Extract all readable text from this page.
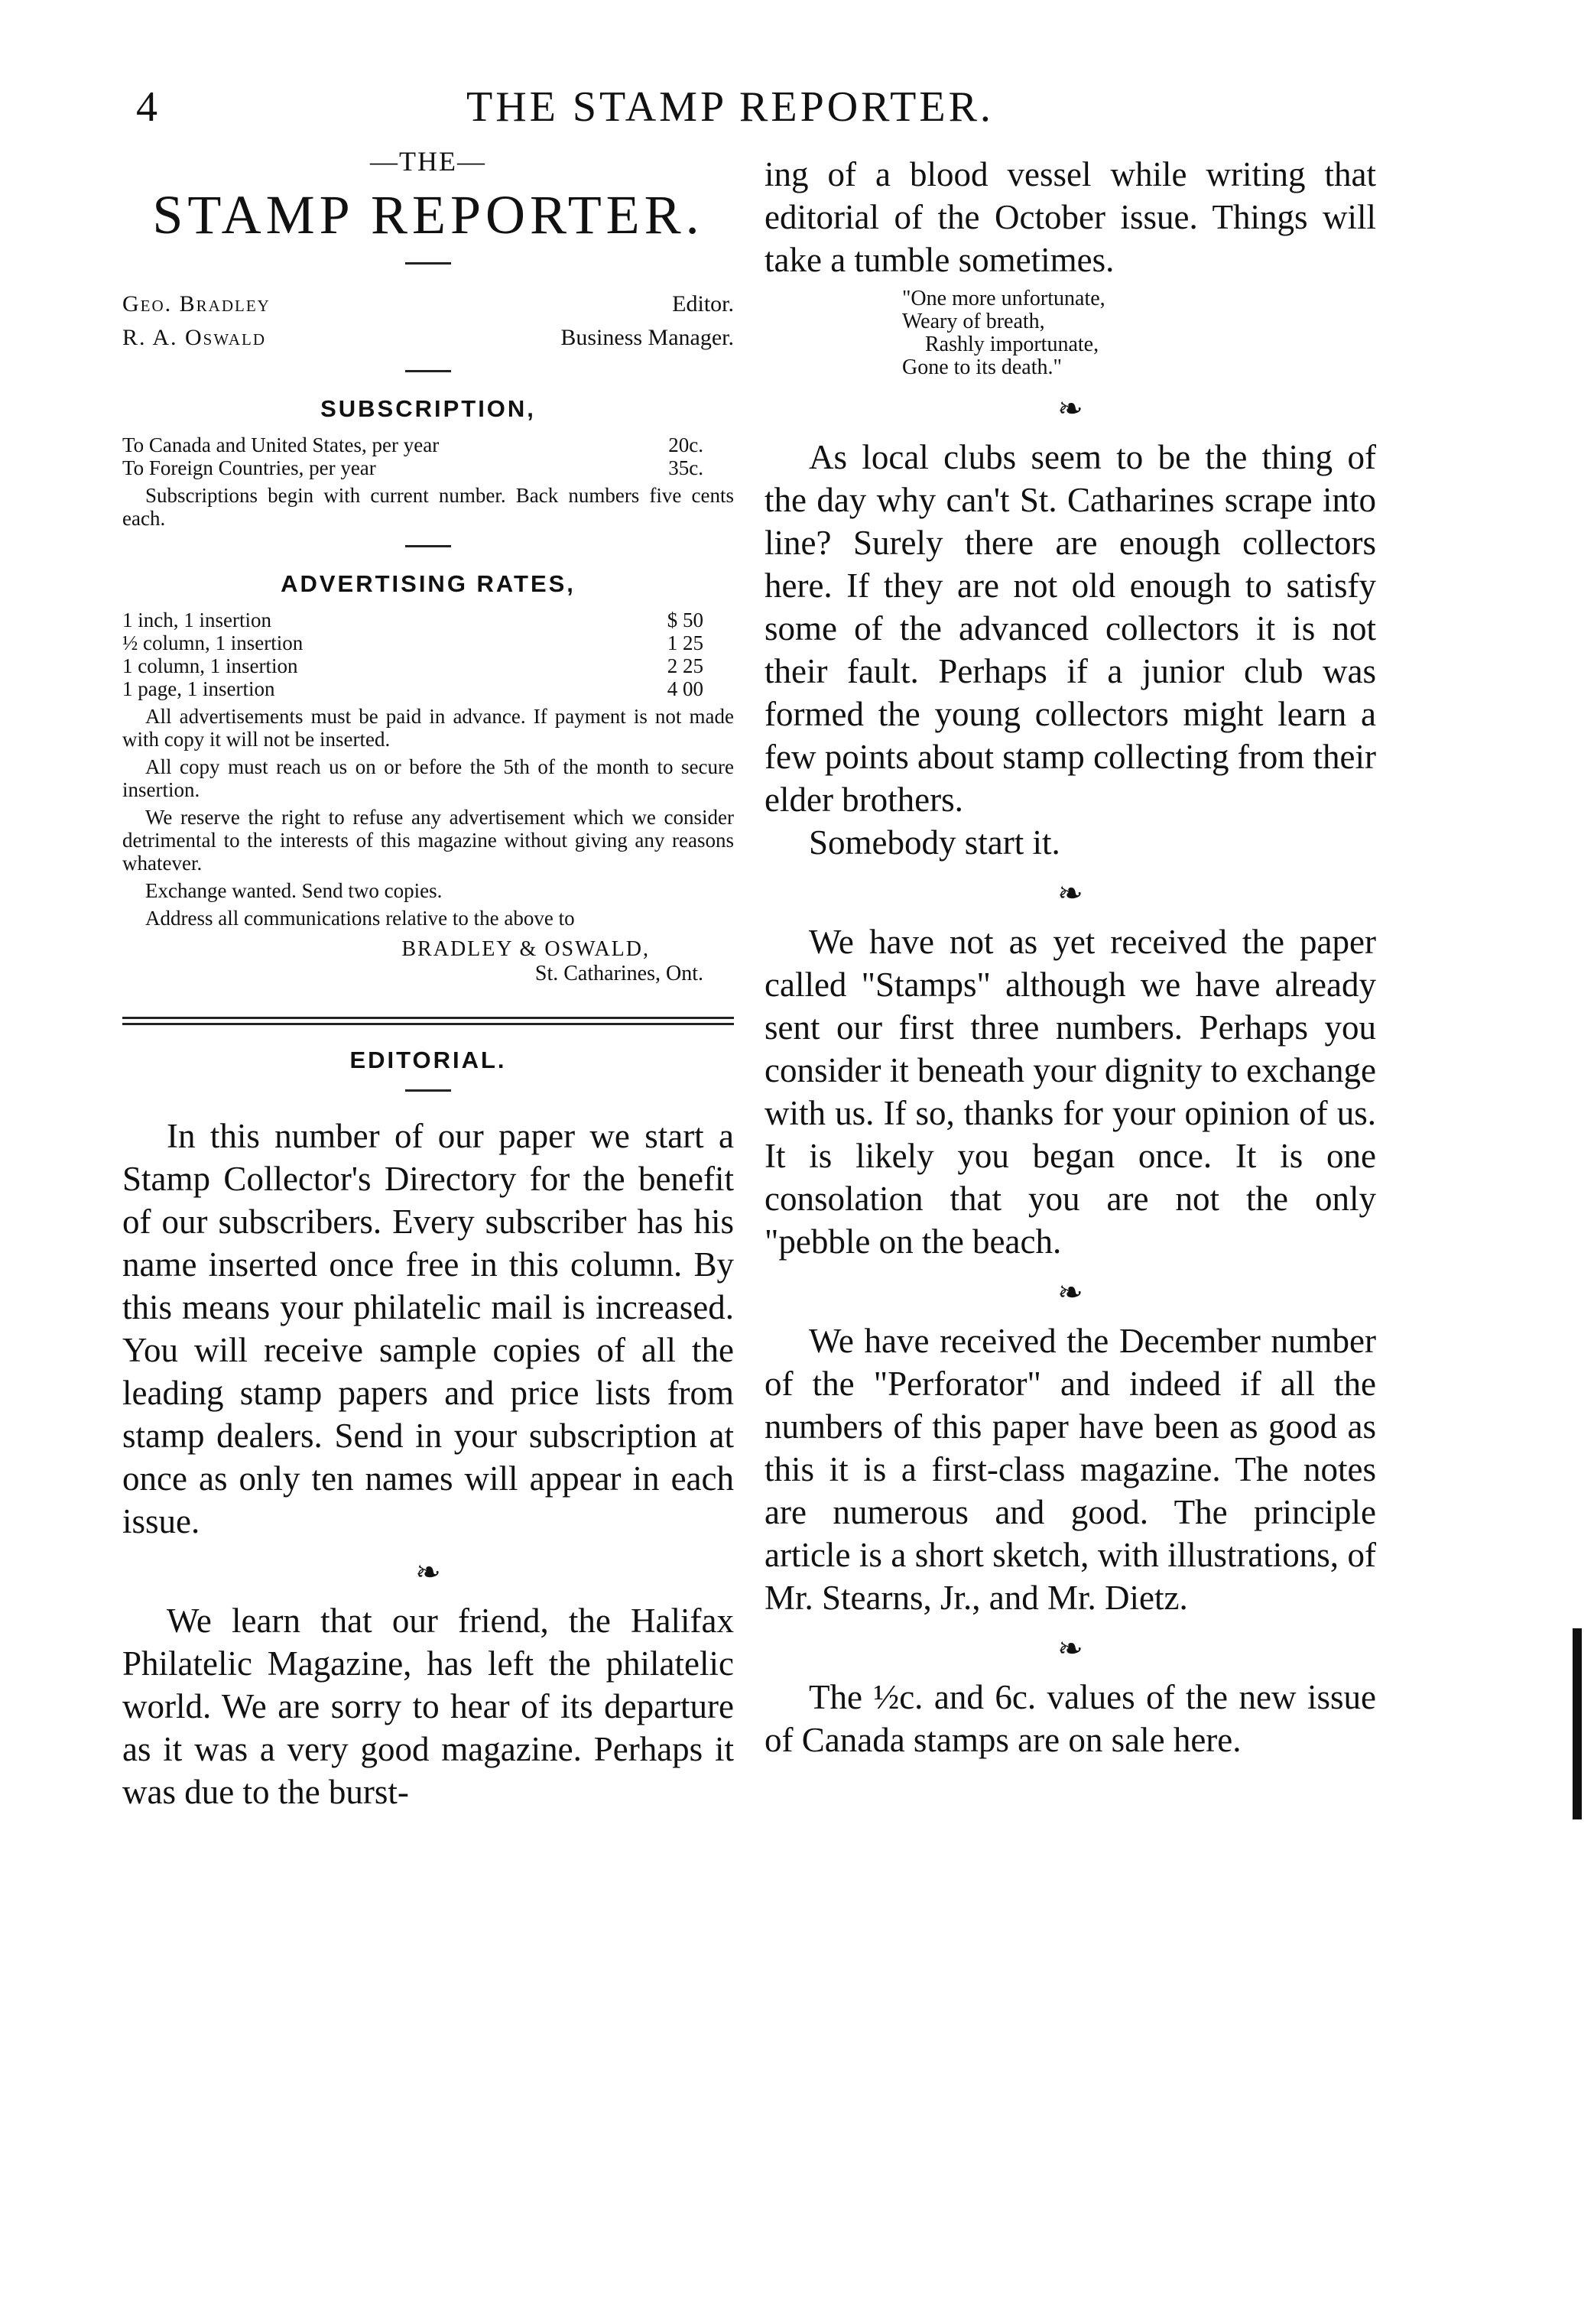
4	THE STAMP REPORTER.
—THE—
STAMP REPORTER.
Geo. Bradley	Editor.
R. A. Oswald	Business Manager.
SUBSCRIPTION,
To Canada and United States, per year	20c.
To Foreign Countries, per year	35c.

Subscriptions begin with current number. Back numbers five cents each.

ADVERTISING RATES,
1 inch, 1 insertion	$ 50
½ column, 1 insertion	1 25
1 column, 1 insertion	2 25
1 page, 1 insertion	4 00

All advertisements must be paid in advance. If payment is not made with copy it will not be inserted.

All copy must reach us on or before the 5th of the month to secure insertion.

We reserve the right to refuse any advertisement which we consider detrimental to the interests of this magazine without giving any reasons whatever.

Exchange wanted. Send two copies.

Address all communications relative to the above to

BRADLEY & OSWALD,
St. Catharines, Ont.
EDITORIAL.

In this number of our paper we start a Stamp Collector's Directory for the benefit of our subscribers. Every subscriber has his name inserted once free in this column. By this means your philatelic mail is increased. You will receive sample copies of all the leading stamp papers and price lists from stamp dealers. Send in your subscription at once as only ten names will appear in each issue.

❧

We learn that our friend, the Halifax Philatelic Magazine, has left the philatelic world. We are sorry to hear of its departure as it was a very good magazine. Perhaps it was due to the burst-

ing of a blood vessel while writing that editorial of the October issue. Things will take a tumble sometimes.

"One more unfortunate,
Weary of breath,
Rashly importunate,
Gone to its death."
❧

As local clubs seem to be the thing of the day why can't St. Catharines scrape into line? Surely there are enough collectors here. If they are not old enough to satisfy some of the advanced collectors it is not their fault. Perhaps if a junior club was formed the young collectors might learn a few points about stamp collecting from their elder brothers.

Somebody start it.

❧

We have not as yet received the paper called "Stamps" although we have already sent our first three numbers. Perhaps you consider it beneath your dignity to exchange with us. If so, thanks for your opinion of us. It is likely you began once. It is one consolation that you are not the only "pebble on the beach.

❧

We have received the December number of the "Perforator" and indeed if all the numbers of this paper have been as good as this it is a first-class magazine. The notes are numerous and good. The principle article is a short sketch, with illustrations, of Mr. Stearns, Jr., and Mr. Dietz.

❧

The ½c. and 6c. values of the new issue of Canada stamps are on sale here.
